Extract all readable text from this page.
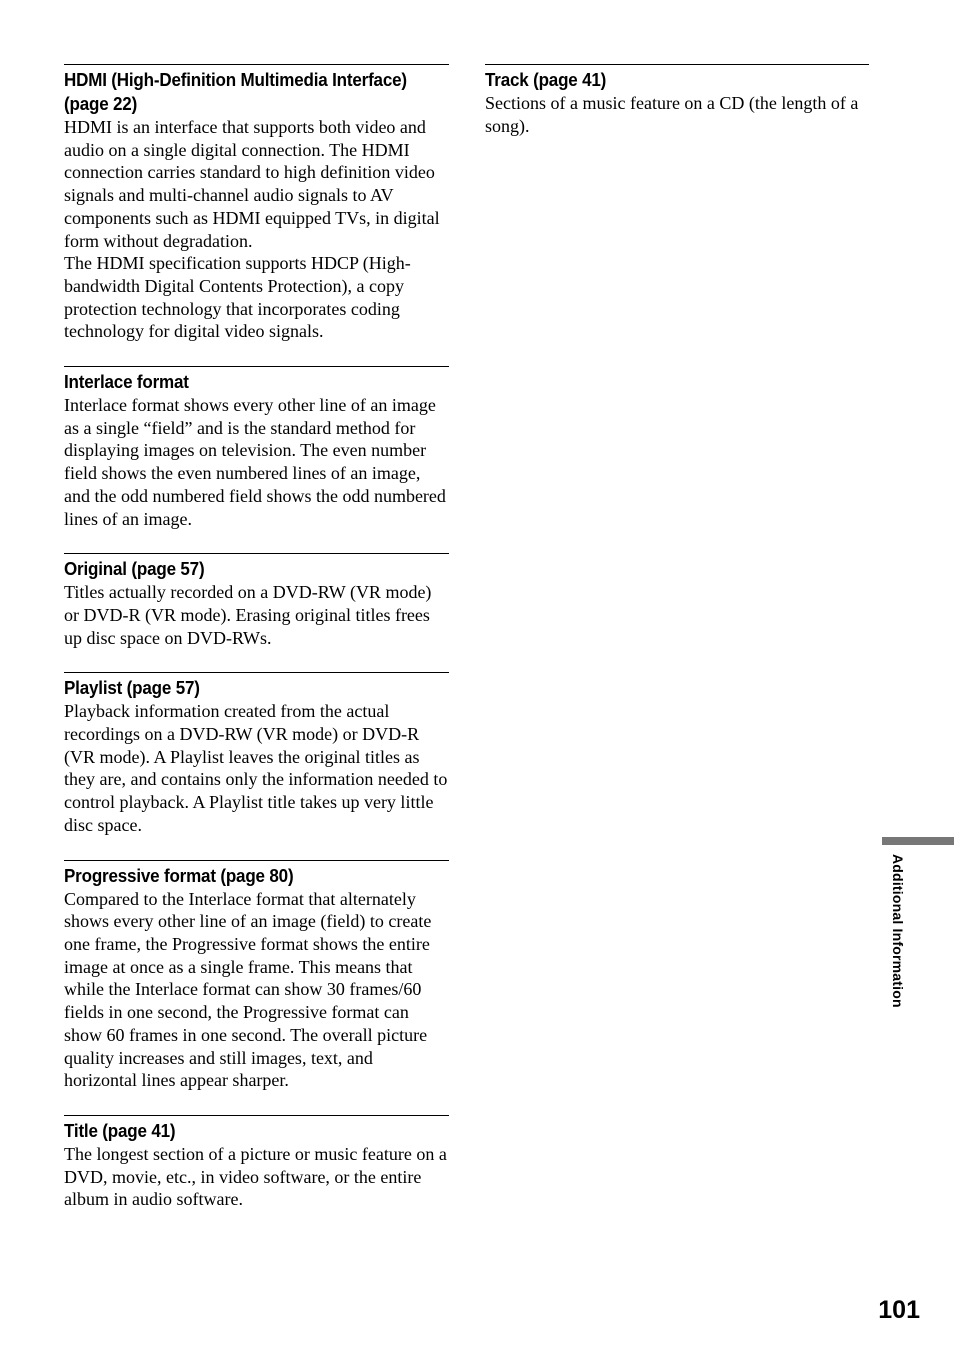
HDMI (High-Definition Multimedia Interface) (page 22)

HDMI is an interface that supports both video and audio on a single digital connection. The HDMI connection carries standard to high definition video signals and multi-channel audio signals to AV components such as HDMI equipped TVs, in digital form without degradation.
The HDMI specification supports HDCP (High-bandwidth Digital Contents Protection), a copy protection technology that incorporates coding technology for digital video signals.

Interlace format

Interlace format shows every other line of an image as a single “field” and is the standard method for displaying images on television. The even number field shows the even numbered lines of an image, and the odd numbered field shows the odd numbered lines of an image.

Original (page 57)

Titles actually recorded on a DVD-RW (VR mode) or DVD-R (VR mode). Erasing original titles frees up disc space on DVD-RWs.

Playlist (page 57)

Playback information created from the actual recordings on a DVD-RW (VR mode) or DVD-R (VR mode). A Playlist leaves the original titles as they are, and contains only the information needed to control playback. A Playlist title takes up very little disc space.

Progressive format (page 80)

Compared to the Interlace format that alternately shows every other line of an image (field) to create one frame, the Progressive format shows the entire image at once as a single frame. This means that while the Interlace format can show 30 frames/60 fields in one second, the Progressive format can show 60 frames in one second. The overall picture quality increases and still images, text, and horizontal lines appear sharper.

Title (page 41)

The longest section of a picture or music feature on a DVD, movie, etc., in video software, or the entire album in audio software.

Track (page 41)

Sections of a music feature on a CD (the length of a song).

Additional Information
101
